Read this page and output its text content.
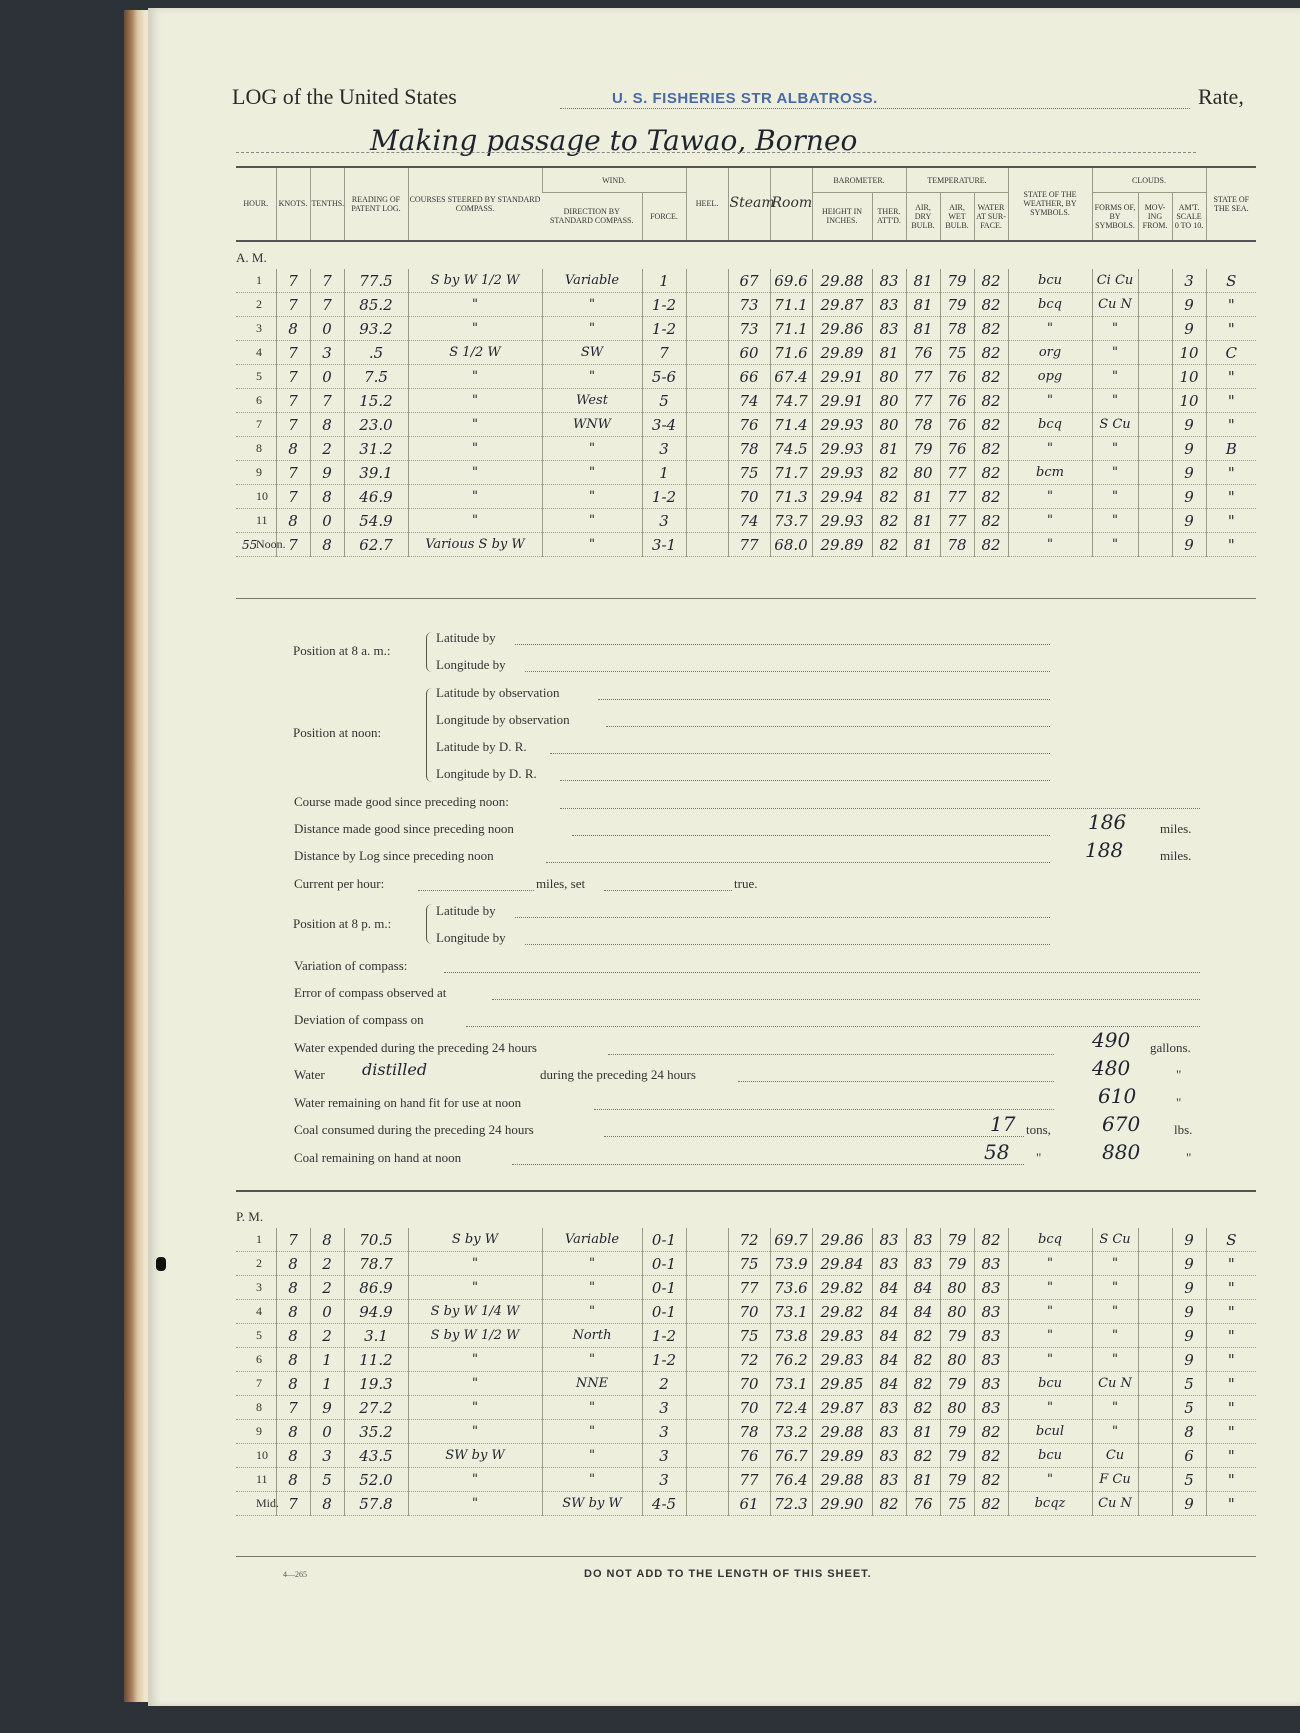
LOG of the United States	U. S. FISHERIES STR ALBATROSS.	Rate,
Making passage to Tawao, Borneo
HOUR.	KNOTS.	TENTHS.	READING OF PATENT LOG.	COURSES STEERED BY STANDARD COMPASS.	WIND.		HEEL.	Steam	Room	BAROMETER.		TEMPERATURE.			STATE OF THE WEATHER, BY SYMBOLS.	CLOUDS.			STATE OF THE SEA.
					DIRECTION BY STANDARD COMPASS.	FORCE.				HEIGHT IN INCHES.	THER. ATT'D.	AIR, DRY BULB.	AIR, WET BULB.	WATER AT SUR-FACE.		FORMS OF, BY SYMBOLS.	MOV-ING FROM.	AM'T. SCALE 0 TO 10.	
A. M.																			
1	7	7	77.5	S by W 1/2 W	Variable	1		67	69.6	29.88	83	81	79	82	bcu	Ci Cu		3	S
2	7	7	85.2	"	"	1-2		73	71.1	29.87	83	81	79	82	bcq	Cu N		9	"
3	8	0	93.2	"	"	1-2		73	71.1	29.86	83	81	78	82	"	"		9	"
4	7	3	.5	S 1/2 W	SW	7		60	71.6	29.89	81	76	75	82	org	"		10	C
5	7	0	7.5	"	"	5-6		66	67.4	29.91	80	77	76	82	opg	"		10	"
6	7	7	15.2	"	West	5		74	74.7	29.91	80	77	76	82	"	"		10	"
7	7	8	23.0	"	WNW	3-4		76	71.4	29.93	80	78	76	82	bcq	S Cu		9	"
8	8	2	31.2	"	"	3		78	74.5	29.93	81	79	76	82	"	"		9	B
9	7	9	39.1	"	"	1		75	71.7	29.93	82	80	77	82	bcm	"		9	"
10	7	8	46.9	"	"	1-2		70	71.3	29.94	82	81	77	82	"	"		9	"
11	8	0	54.9	"	"	3		74	73.7	29.93	82	81	77	82	"	"		9	"
Noon.	7	8	62.7	Various S by W	"	3-1		77	68.0	29.89	82	81	78	82	"	"		9	"
55
Position at 8 a. m.:
Latitude by
Longitude by
Position at noon:
Latitude by observation
Longitude by observation
Latitude by D. R.
Longitude by D. R.
Course made good since preceding noon:
Distance made good since preceding noon	186	miles.
Distance by Log since preceding noon	188	miles.
Current per hour:	miles, set	true.
Position at 8 p. m.:
Latitude by
Longitude by
Variation of compass:
Error of compass observed at
Deviation of compass on
Water expended during the preceding 24 hours	490 gallons.
Water distilled	during the preceding 24 hours	480	"
Water remaining on hand fit for use at noon	610	"
Coal consumed during the preceding 24 hours	17 tons,	670	lbs.
Coal remaining on hand at noon	58 "	880	"
P. M.																			
1	7	8	70.5	S by W	Variable	0-1		72	69.7	29.86	83	83	79	82	bcq	S Cu		9	S
2	8	2	78.7	"	"	0-1		75	73.9	29.84	83	83	79	83	"	"		9	"
3	8	2	86.9	"	"	0-1		77	73.6	29.82	84	84	80	83	"	"		9	"
4	8	0	94.9	S by W 1/4 W	"	0-1		70	73.1	29.82	84	84	80	83	"	"		9	"
5	8	2	3.1	S by W 1/2 W	North	1-2		75	73.8	29.83	84	82	79	83	"	"		9	"
6	8	1	11.2	"	"	1-2		72	76.2	29.83	84	82	80	83	"	"		9	"
7	8	1	19.3	"	NNE	2		70	73.1	29.85	84	82	79	83	bcu	Cu N		5	"
8	7	9	27.2	"	"	3		70	72.4	29.87	83	82	80	83	"	"		5	"
9	8	0	35.2	"	"	3		78	73.2	29.88	83	81	79	82	bcul	"		8	"
10	8	3	43.5	SW by W	"	3		76	76.7	29.89	83	82	79	82	bcu	Cu		6	"
11	8	5	52.0	"	"	3		77	76.4	29.88	83	81	79	82	"	F Cu		5	"
Mid.	7	8	57.8	"	SW by W	4-5		61	72.3	29.90	82	76	75	82	bcqz	Cu N		9	"
4—265	DO NOT ADD TO THE LENGTH OF THIS SHEET.
